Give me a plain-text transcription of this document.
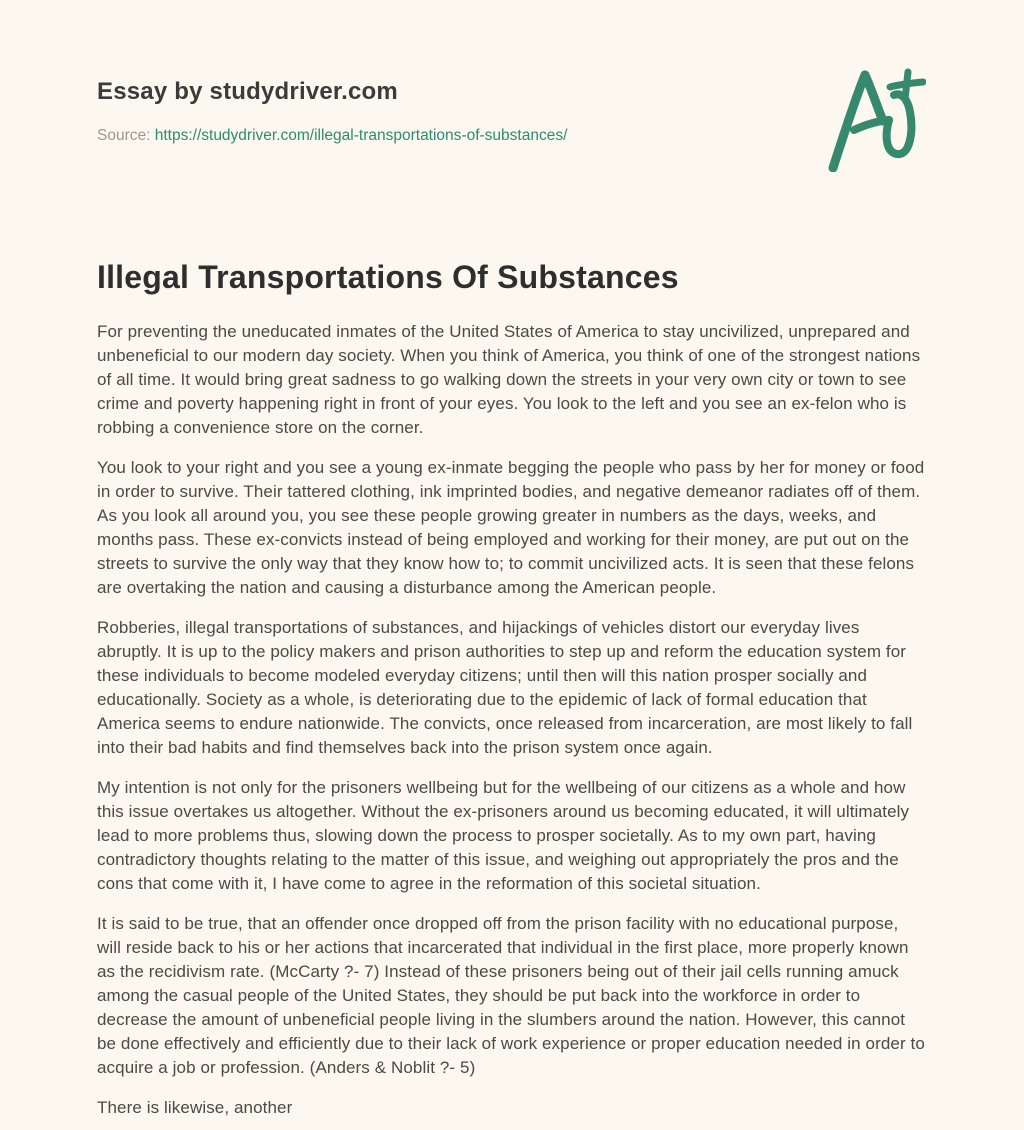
Essay by studydriver.com
Source: https://studydriver.com/illegal-transportations-of-substances/
Illegal Transportations Of Substances

For preventing the uneducated inmates of the United States of America to stay uncivilized, unprepared and unbeneficial to our modern day society. When you think of America, you think of one of the strongest nations of all time. It would bring great sadness to go walking down the streets in your very own city or town to see crime and poverty happening right in front of your eyes. You look to the left and you see an ex-felon who is robbing a convenience store on the corner.

You look to your right and you see a young ex-inmate begging the people who pass by her for money or food in order to survive. Their tattered clothing, ink imprinted bodies, and negative demeanor radiates off of them. As you look all around you, you see these people growing greater in numbers as the days, weeks, and months pass. These ex-convicts instead of being employed and working for their money, are put out on the streets to survive the only way that they know how to; to commit uncivilized acts. It is seen that these felons are overtaking the nation and causing a disturbance among the American people.

Robberies, illegal transportations of substances, and hijackings of vehicles distort our everyday lives abruptly. It is up to the policy makers and prison authorities to step up and reform the education system for these individuals to become modeled everyday citizens; until then will this nation prosper socially and educationally. Society as a whole, is deteriorating due to the epidemic of lack of formal education that America seems to endure nationwide. The convicts, once released from incarceration, are most likely to fall into their bad habits and find themselves back into the prison system once again.

My intention is not only for the prisoners wellbeing but for the wellbeing of our citizens as a whole and how this issue overtakes us altogether. Without the ex-prisoners around us becoming educated, it will ultimately lead to more problems thus, slowing down the process to prosper societally. As to my own part, having contradictory thoughts relating to the matter of this issue, and weighing out appropriately the pros and the cons that come with it, I have come to agree in the reformation of this societal situation.

It is said to be true, that an offender once dropped off from the prison facility with no educational purpose, will reside back to his or her actions that incarcerated that individual in the first place, more properly known as the recidivism rate. (McCarty ?- 7) Instead of these prisoners being out of their jail cells running amuck among the casual people of the United States, they should be put back into the workforce in order to decrease the amount of unbeneficial people living in the slumbers around the nation. However, this cannot be done effectively and efficiently due to their lack of work experience or proper education needed in order to acquire a job or profession. (Anders & Noblit ?- 5)

There is likewise, another
